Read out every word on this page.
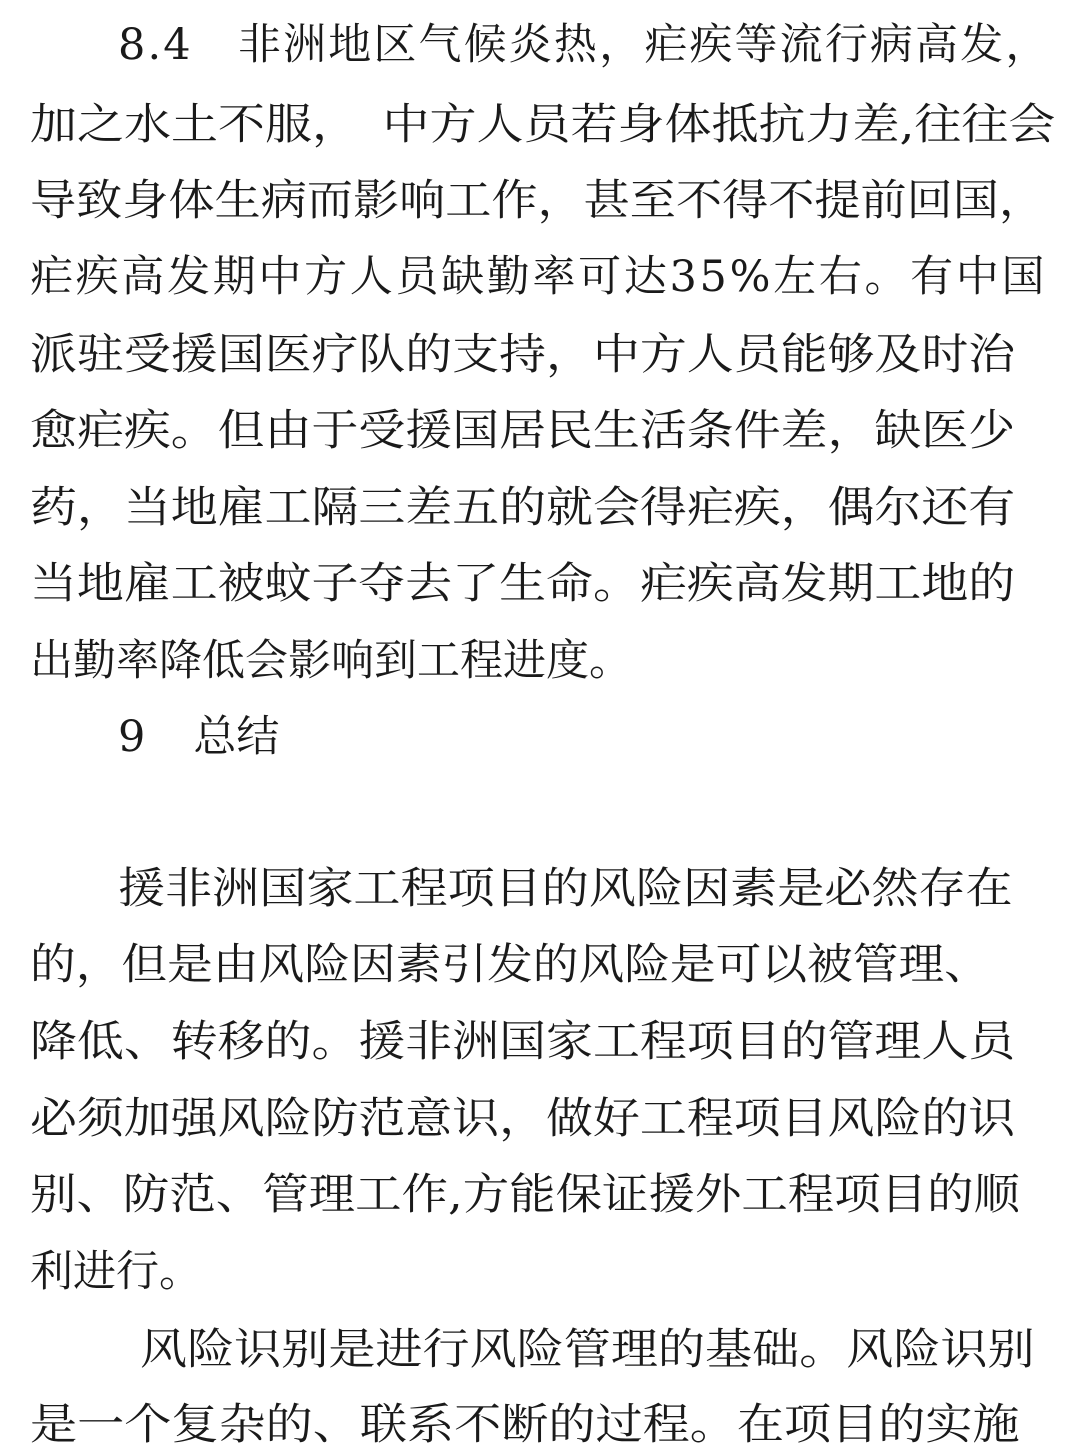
8.4　非洲地区气候炎热，疟疾等流行病高发，
加之水土不服，　中方人员若身体抵抗力差,往往会
导致身体生病而影响工作，甚至不得不提前回国，
疟疾高发期中方人员缺勤率可达35%左右。有中国
派驻受援国医疗队的支持，中方人员能够及时治
愈疟疾。但由于受援国居民生活条件差，缺医少
药，当地雇工隔三差五的就会得疟疾，偶尔还有
当地雇工被蚊子夺去了生命。疟疾高发期工地的
出勤率降低会影响到工程进度。
9 总结
援非洲国家工程项目的风险因素是必然存在
的，但是由风险因素引发的风险是可以被管理、
降低、转移的。援非洲国家工程项目的管理人员
必须加强风险防范意识，做好工程项目风险的识
别、防范、管理工作,方能保证援外工程项目的顺
利进行。
风险识别是进行风险管理的基础。风险识别
是一个复杂的、联系不断的过程。在项目的实施
